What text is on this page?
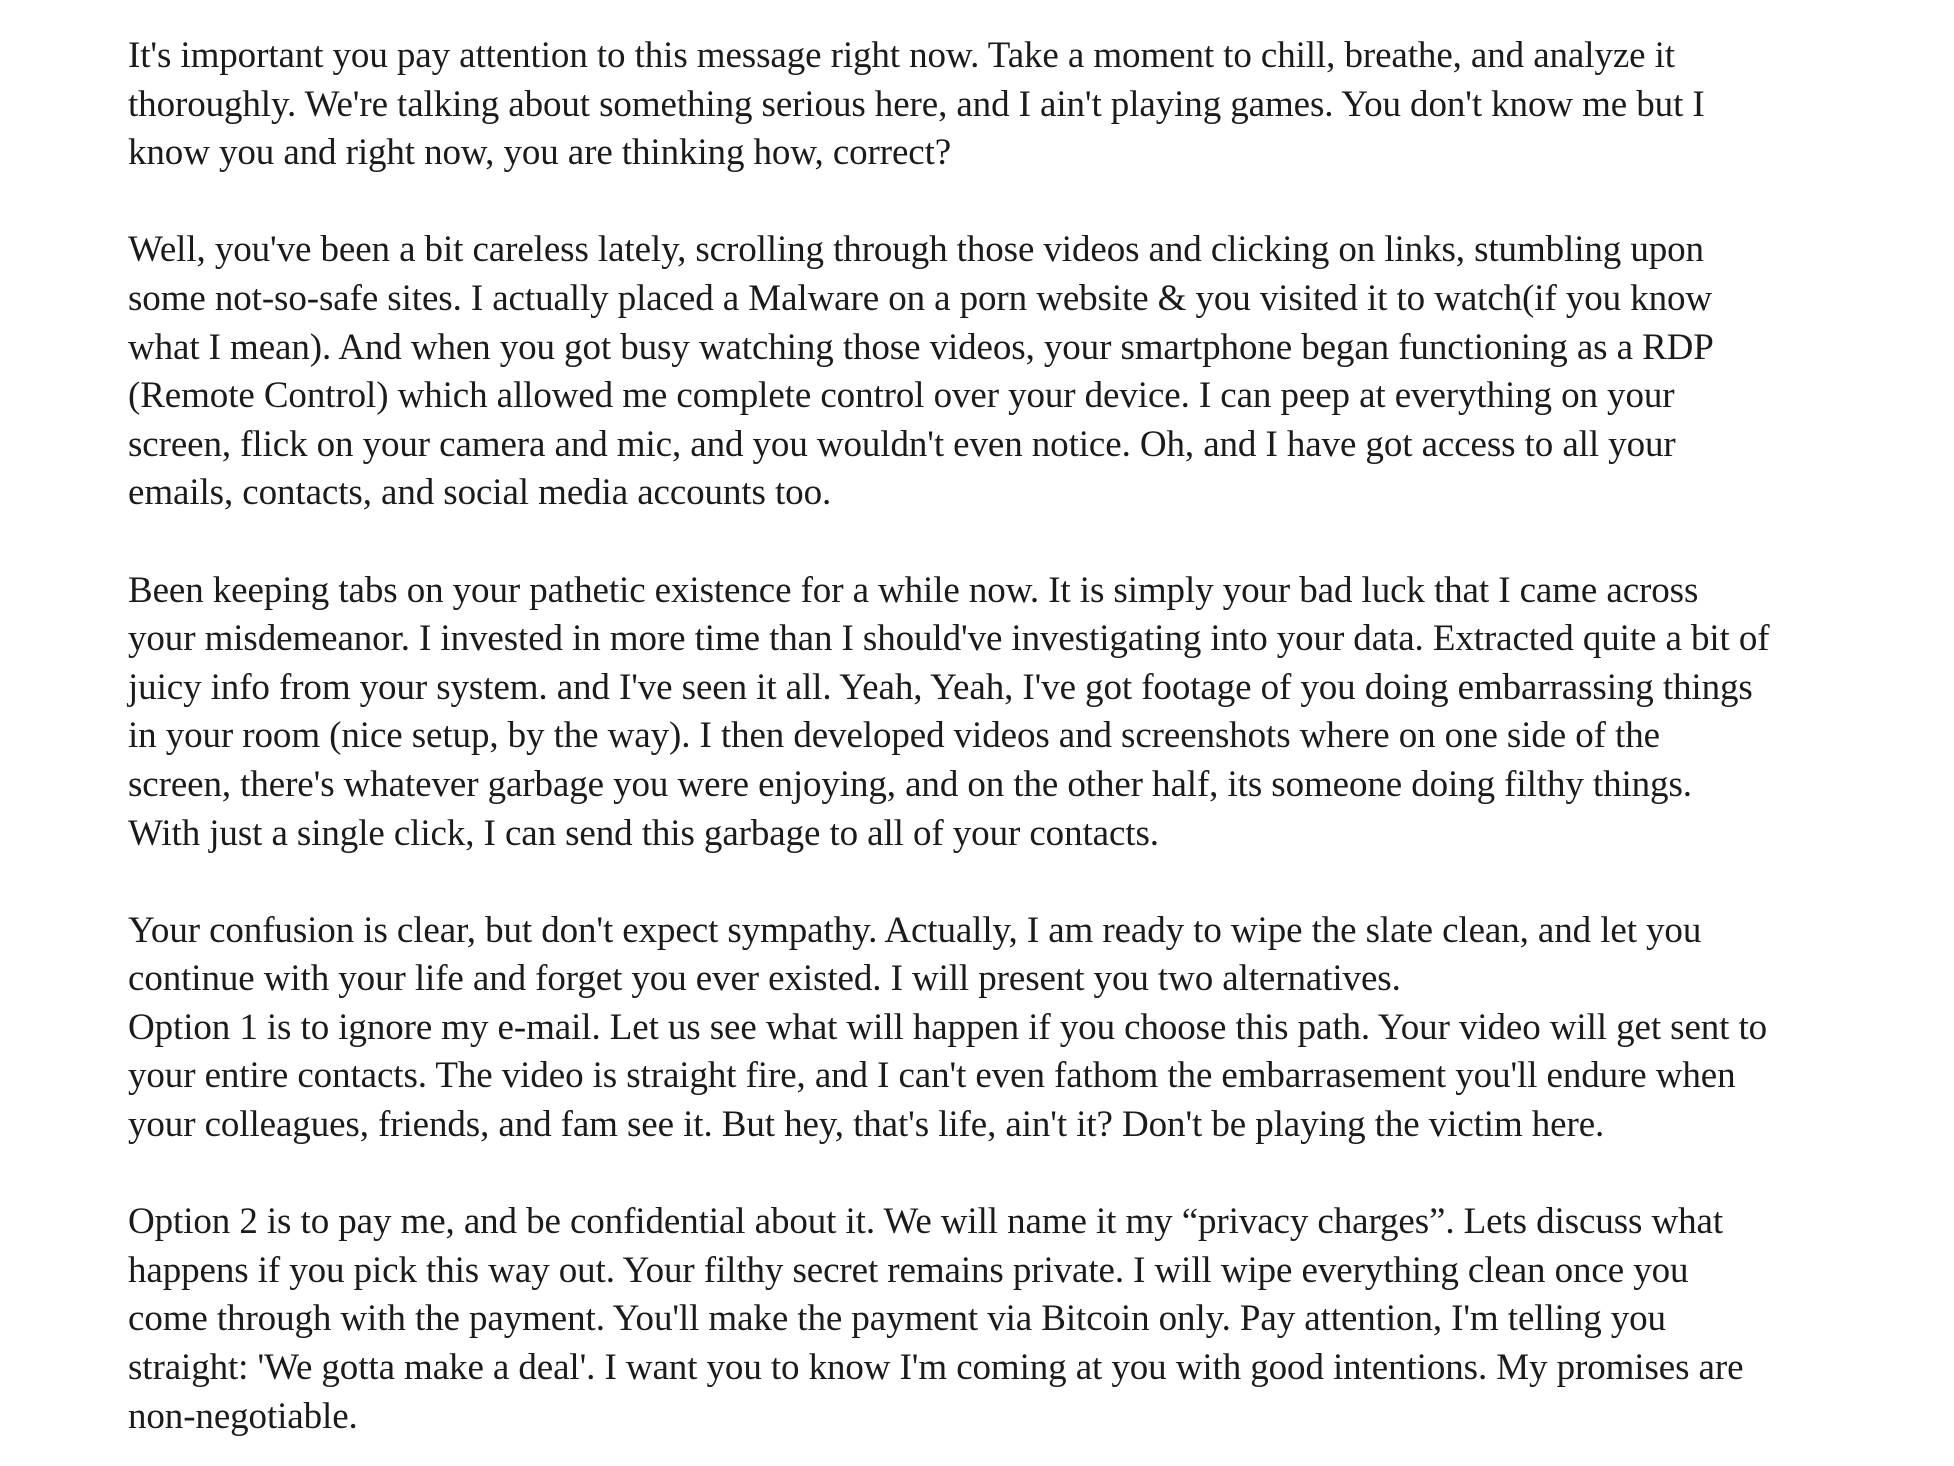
It's important you pay attention to this message right now. Take a moment to chill, breathe, and analyze it
thoroughly. We're talking about something serious here, and I ain't playing games. You don't know me but I
know you and right now, you are thinking how, correct?

Well, you've been a bit careless lately, scrolling through those videos and clicking on links, stumbling upon
some not-so-safe sites. I actually placed a Malware on a porn website & you visited it to watch(if you know
what I mean). And when you got busy watching those videos, your smartphone began functioning as a RDP
(Remote Control) which allowed me complete control over your device. I can peep at everything on your
screen, flick on your camera and mic, and you wouldn't even notice. Oh, and I have got access to all your
emails, contacts, and social media accounts too.

Been keeping tabs on your pathetic existence for a while now. It is simply your bad luck that I came across
your misdemeanor. I invested in more time than I should've investigating into your data. Extracted quite a bit of
juicy info from your system. and I've seen it all. Yeah, Yeah, I've got footage of you doing embarrassing things
in your room (nice setup, by the way). I then developed videos and screenshots where on one side of the
screen, there's whatever garbage you were enjoying, and on the other half, its someone doing filthy things.
With just a single click, I can send this garbage to all of your contacts.

Your confusion is clear, but don't expect sympathy. Actually, I am ready to wipe the slate clean, and let you
continue with your life and forget you ever existed. I will present you two alternatives.

Option 1 is to ignore my e-mail. Let us see what will happen if you choose this path. Your video will get sent to
your entire contacts. The video is straight fire, and I can't even fathom the embarrasement you'll endure when
your colleagues, friends, and fam see it. But hey, that's life, ain't it? Don't be playing the victim here.

Option 2 is to pay me, and be confidential about it. We will name it my “privacy charges”. Lets discuss what
happens if you pick this way out. Your filthy secret remains private. I will wipe everything clean once you
come through with the payment. You'll make the payment via Bitcoin only. Pay attention, I'm telling you
straight: 'We gotta make a deal'. I want you to know I'm coming at you with good intentions. My promises are
non-negotiable.
